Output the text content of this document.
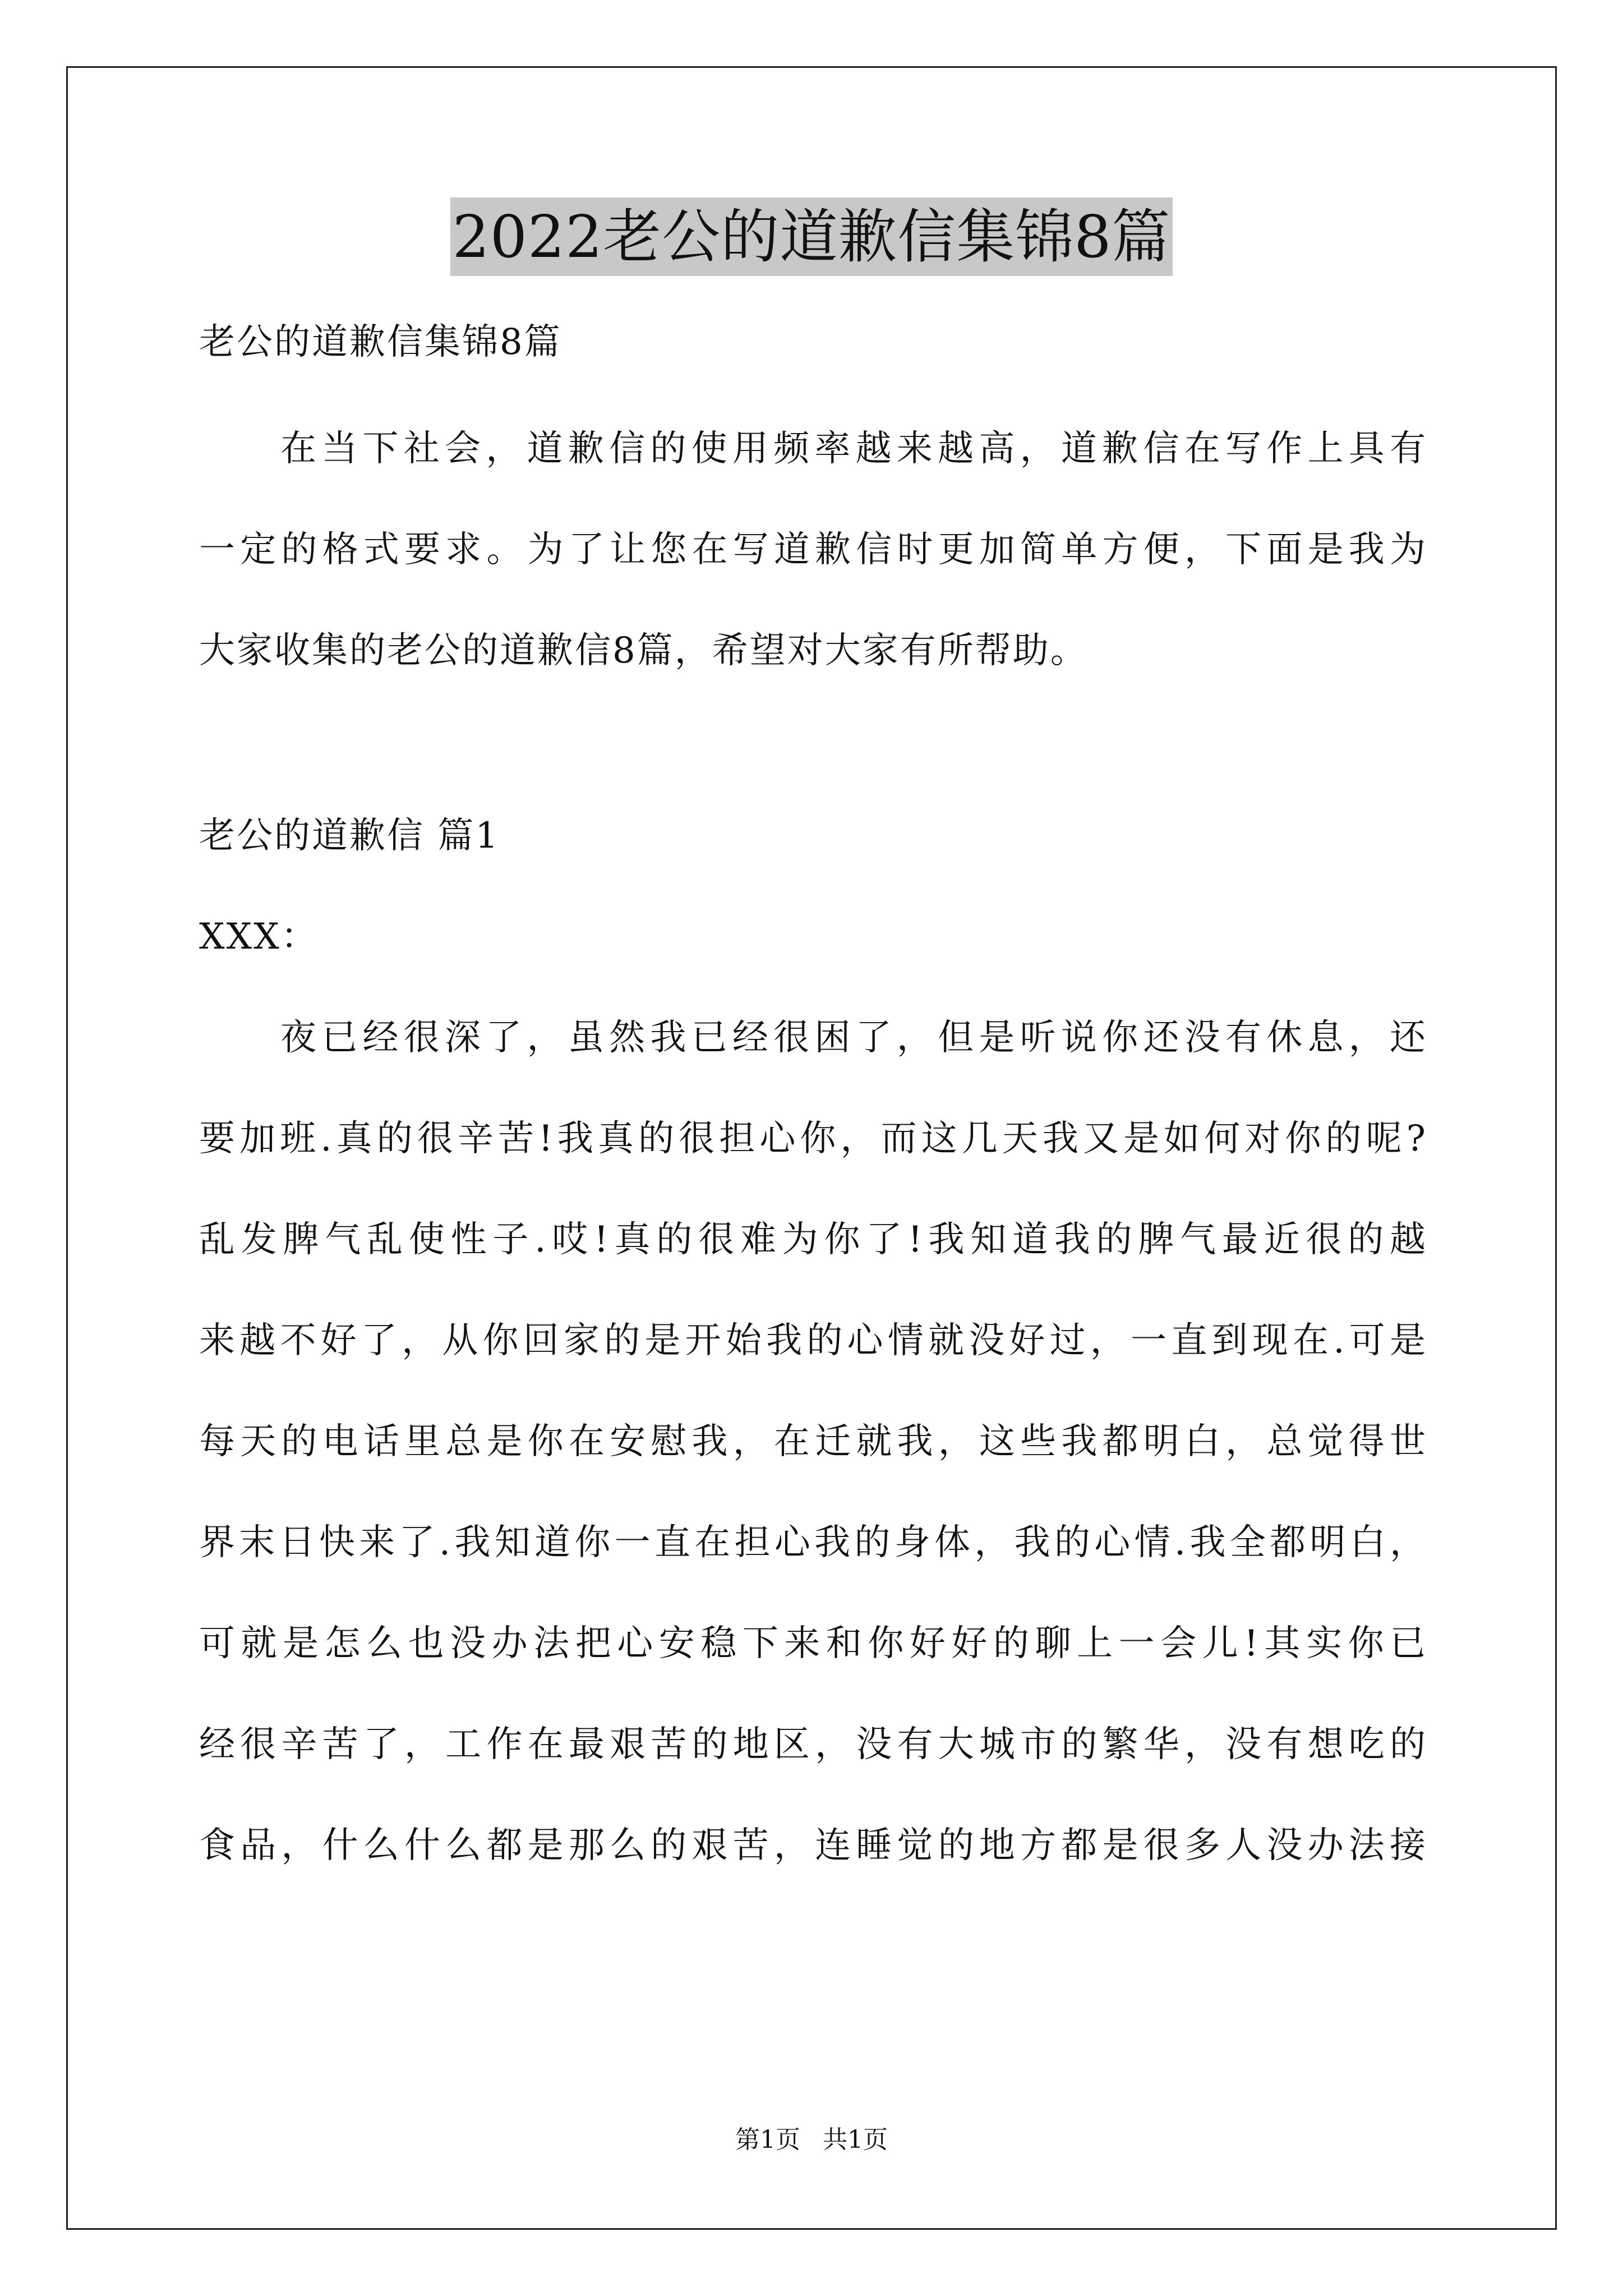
2022老公的道歉信集锦8篇
老公的道歉信集锦8篇
在当下社会，道歉信的使用频率越来越高，道歉信在写作上具有
一定的格式要求。为了让您在写道歉信时更加简单方便，下面是我为
大家收集的老公的道歉信8篇，希望对大家有所帮助。
老公的道歉信 篇1
XXX：
夜已经很深了，虽然我已经很困了，但是听说你还没有休息，还
要加班.真的很辛苦!我真的很担心你，而这几天我又是如何对你的呢?
乱发脾气乱使性子.哎!真的很难为你了!我知道我的脾气最近很的越
来越不好了，从你回家的是开始我的心情就没好过，一直到现在.可是
每天的电话里总是你在安慰我，在迁就我，这些我都明白，总觉得世
界末日快来了.我知道你一直在担心我的身体，我的心情.我全都明白，
可就是怎么也没办法把心安稳下来和你好好的聊上一会儿!其实你已
经很辛苦了，工作在最艰苦的地区，没有大城市的繁华，没有想吃的
食品，什么什么都是那么的艰苦，连睡觉的地方都是很多人没办法接
第1页 共1页
